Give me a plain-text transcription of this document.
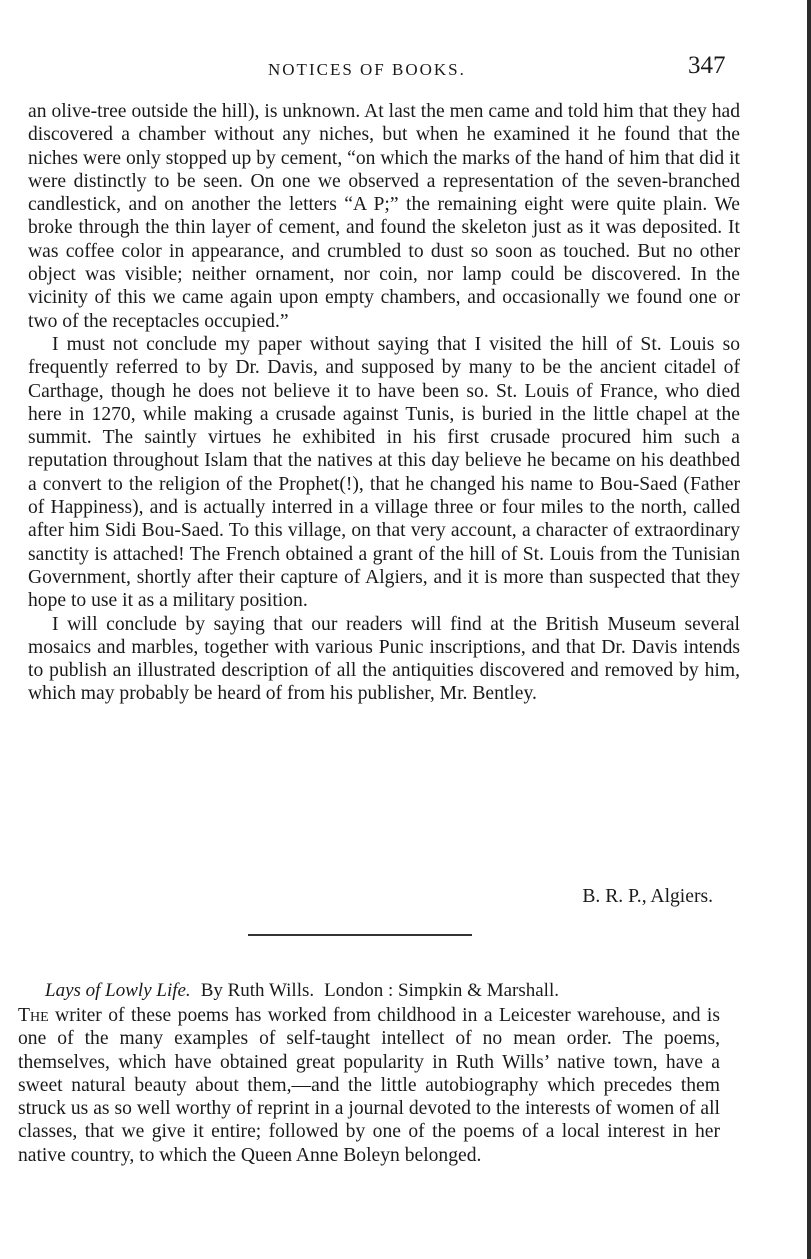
NOTICES OF BOOKS.	347

an olive-tree outside the hill), is unknown. At last the men came and told him that they had discovered a chamber without any niches, but when he examined it he found that the niches were only stopped up by cement, “on which the marks of the hand of him that did it were distinctly to be seen. On one we observed a representation of the seven-branched candlestick, and on another the letters “A P;” the remaining eight were quite plain. We broke through the thin layer of cement, and found the skeleton just as it was deposited. It was coffee color in appearance, and crumbled to dust so soon as touched. But no other object was visible; neither ornament, nor coin, nor lamp could be discovered. In the vicinity of this we came again upon empty chambers, and occasionally we found one or two of the receptacles occupied.”

I must not conclude my paper without saying that I visited the hill of St. Louis so frequently referred to by Dr. Davis, and supposed by many to be the ancient citadel of Carthage, though he does not believe it to have been so. St. Louis of France, who died here in 1270, while making a crusade against Tunis, is buried in the little chapel at the summit. The saintly virtues he exhibited in his first crusade procured him such a reputation throughout Islam that the natives at this day believe he became on his deathbed a convert to the religion of the Prophet(!), that he changed his name to Bou-Saed (Father of Happiness), and is actually interred in a village three or four miles to the north, called after him Sidi Bou-Saed. To this village, on that very account, a character of extraordinary sanctity is attached! The French obtained a grant of the hill of St. Louis from the Tunisian Government, shortly after their capture of Algiers, and it is more than suspected that they hope to use it as a military position.

I will conclude by saying that our readers will find at the British Museum several mosaics and marbles, together with various Punic inscriptions, and that Dr. Davis intends to publish an illustrated description of all the antiquities discovered and removed by him, which may probably be heard of from his publisher, Mr. Bentley.

B. R. P., Algiers.
Lays of Lowly Life. By Ruth Wills. London : Simpkin & Marshall.

The writer of these poems has worked from childhood in a Leicester warehouse, and is one of the many examples of self-taught intellect of no mean order. The poems, themselves, which have obtained great popularity in Ruth Wills’ native town, have a sweet natural beauty about them,—and the little autobiography which precedes them struck us as so well worthy of reprint in a journal devoted to the interests of women of all classes, that we give it entire; followed by one of the poems of a local interest in her native country, to which the Queen Anne Boleyn belonged.
